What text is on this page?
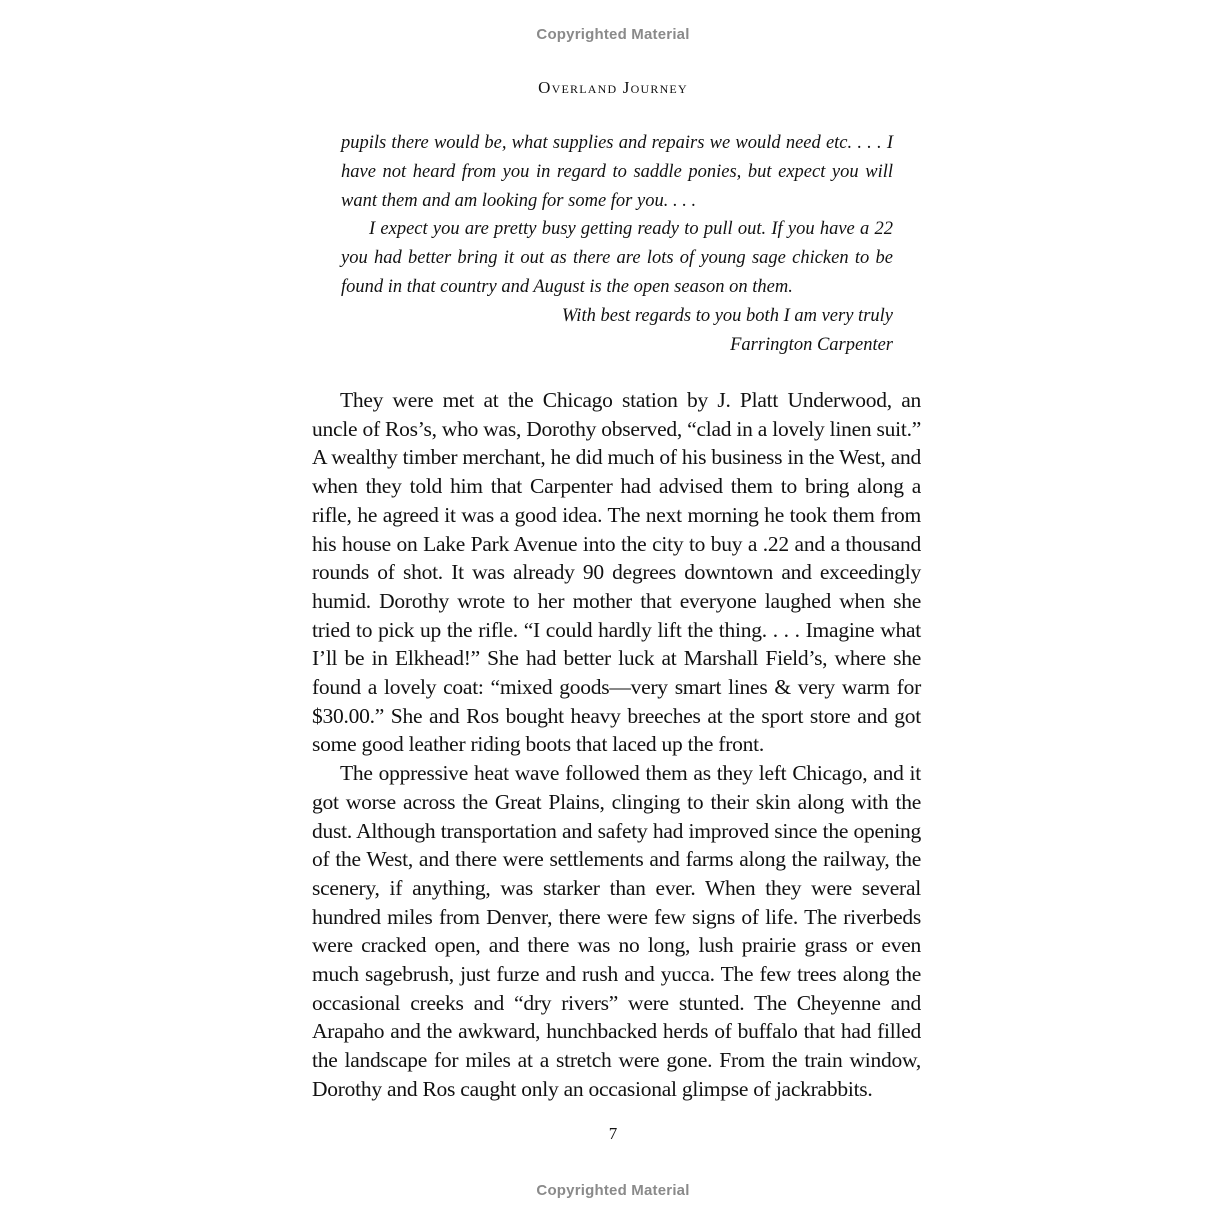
Copyrighted Material
Overland Journey

pupils there would be, what supplies and repairs we would need etc. . . . I have not heard from you in regard to saddle ponies, but expect you will want them and am looking for some for you. . . .

I expect you are pretty busy getting ready to pull out. If you have a 22 you had better bring it out as there are lots of young sage chicken to be found in that country and August is the open season on them.

With best regards to you both I am very truly

Farrington Carpenter

They were met at the Chicago station by J. Platt Underwood, an uncle of Ros’s, who was, Dorothy observed, “clad in a lovely linen suit.” A wealthy timber merchant, he did much of his business in the West, and when they told him that Carpenter had advised them to bring along a rifle, he agreed it was a good idea. The next morning he took them from his house on Lake Park Avenue into the city to buy a .22 and a thousand rounds of shot. It was already 90 degrees downtown and exceedingly humid. Dorothy wrote to her mother that everyone laughed when she tried to pick up the rifle. “I could hardly lift the thing. . . . Imagine what I’ll be in Elkhead!” She had better luck at Marshall Field’s, where she found a lovely coat: “mixed goods—very smart lines & very warm for $30.00.” She and Ros bought heavy breeches at the sport store and got some good leather riding boots that laced up the front.

The oppressive heat wave followed them as they left Chicago, and it got worse across the Great Plains, clinging to their skin along with the dust. Although transportation and safety had improved since the opening of the West, and there were settlements and farms along the railway, the scenery, if anything, was starker than ever. When they were several hundred miles from Denver, there were few signs of life. The riverbeds were cracked open, and there was no long, lush prairie grass or even much sagebrush, just furze and rush and yucca. The few trees along the occasional creeks and “dry rivers” were stunted. The Cheyenne and Arapaho and the awkward, hunchbacked herds of buffalo that had filled the landscape for miles at a stretch were gone. From the train window, Dorothy and Ros caught only an occasional glimpse of jackrabbits.

7
Copyrighted Material
